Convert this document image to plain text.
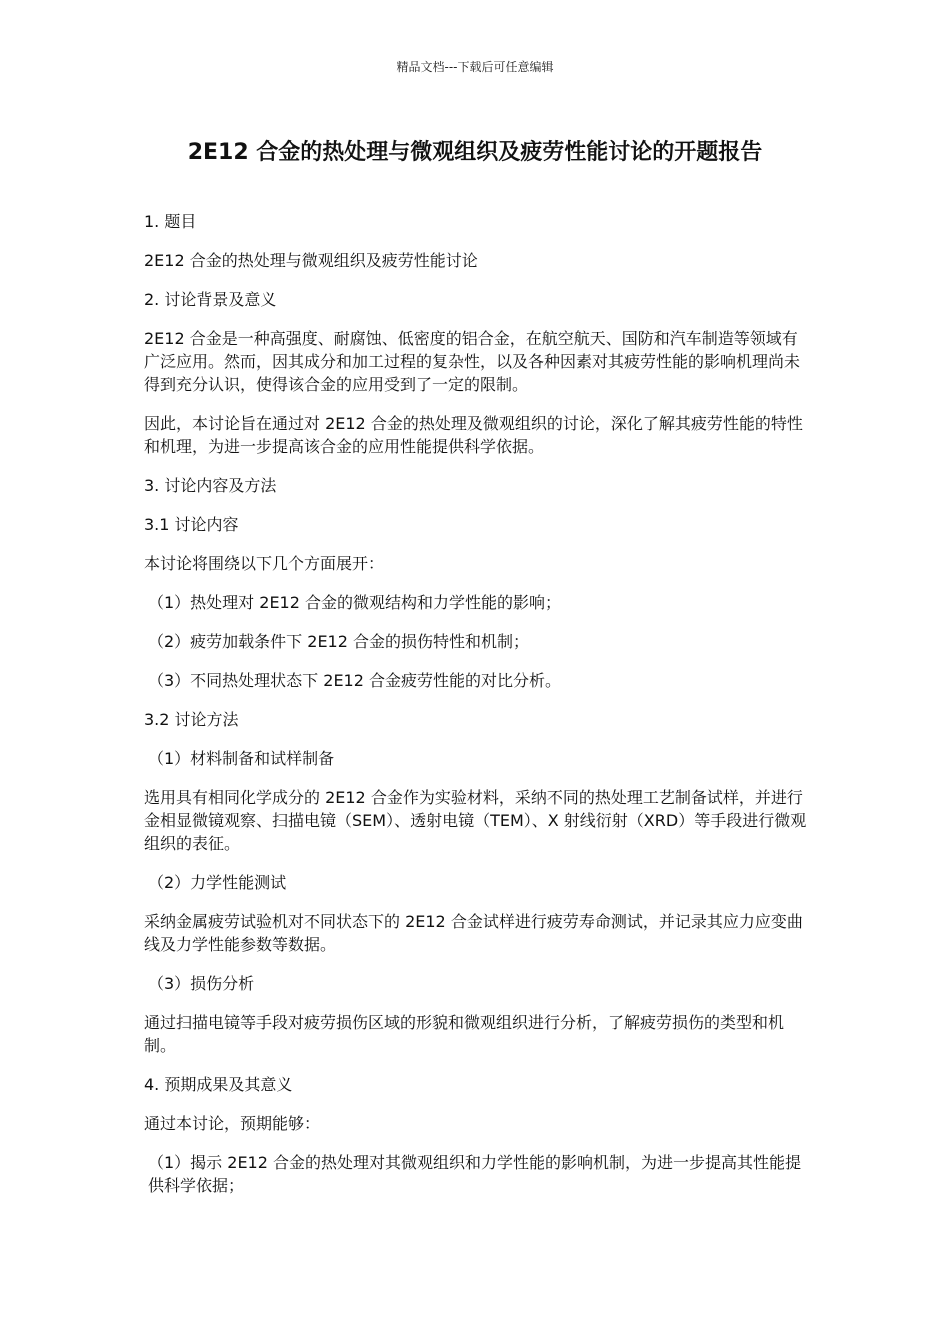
精品文档---下载后可任意编辑
2E12 合金的热处理与微观组织及疲劳性能讨论的开题报告

1. 题目

2E12 合金的热处理与微观组织及疲劳性能讨论

2. 讨论背景及意义

2E12 合金是一种高强度、耐腐蚀、低密度的铝合金，在航空航天、国防和汽车制造等领域有广泛应用。然而，因其成分和加工过程的复杂性，以及各种因素对其疲劳性能的影响机理尚未得到充分认识，使得该合金的应用受到了一定的限制。

因此，本讨论旨在通过对 2E12 合金的热处理及微观组织的讨论，深化了解其疲劳性能的特性和机理，为进一步提高该合金的应用性能提供科学依据。

3. 讨论内容及方法

3.1 讨论内容

本讨论将围绕以下几个方面展开：

（1）热处理对 2E12 合金的微观结构和力学性能的影响；

（2）疲劳加载条件下 2E12 合金的损伤特性和机制；

（3）不同热处理状态下 2E12 合金疲劳性能的对比分析。

3.2 讨论方法

（1）材料制备和试样制备

选用具有相同化学成分的 2E12 合金作为实验材料，采纳不同的热处理工艺制备试样，并进行金相显微镜观察、扫描电镜（SEM）、透射电镜（TEM）、X 射线衍射（XRD）等手段进行微观组织的表征。

（2）力学性能测试

采纳金属疲劳试验机对不同状态下的 2E12 合金试样进行疲劳寿命测试，并记录其应力应变曲线及力学性能参数等数据。

（3）损伤分析

通过扫描电镜等手段对疲劳损伤区域的形貌和微观组织进行分析，了解疲劳损伤的类型和机制。

4. 预期成果及其意义

通过本讨论，预期能够：

（1）揭示 2E12 合金的热处理对其微观组织和力学性能的影响机制，为进一步提高其性能提供科学依据；
